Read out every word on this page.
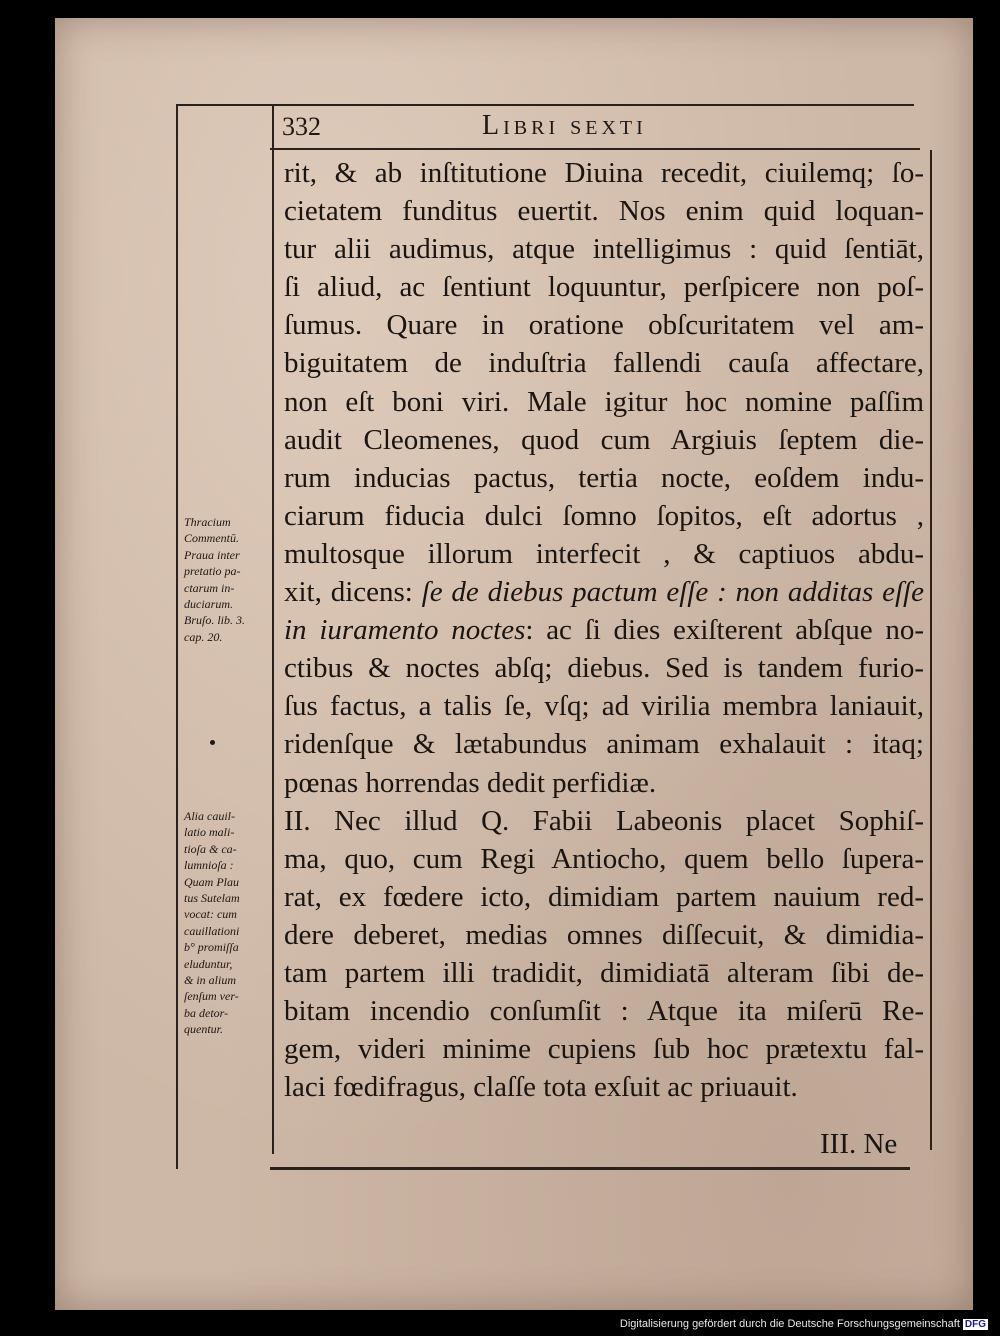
332	Libri sexti
rit, & ab inſtitutione Diuina recedit, ciuilemq; ſo-
cietatem funditus euertit. Nos enim quid loquan-
tur alii audimus, atque intelligimus : quid ſentiāt,
ſi aliud, ac ſentiunt loquuntur, perſpicere non poſ-
ſumus. Quare in oratione obſcuritatem vel am-
biguitatem de induſtria fallendi cauſa affectare,
non eſt boni viri. Male igitur hoc nomine paſſim
audit Cleomenes, quod cum Argiuis ſeptem die-
rum inducias pactus, tertia nocte, eoſdem indu-
ciarum fiducia dulci ſomno ſopitos, eſt adortus ,
multosque illorum interfecit , & captiuos abdu-
xit, dicens: ſe de diebus pactum eſſe : non additas eſſe
in iuramento noctes: ac ſi dies exiſterent abſque no-
ctibus & noctes abſq; diebus. Sed is tandem furio-
ſus factus, a talis ſe, vſq; ad virilia membra laniauit,
ridenſque & lætabundus animam exhalauit : itaq;
pœnas horrendas dedit perfidiæ.
II. Nec illud Q. Fabii Labeonis placet Sophiſ-
ma, quo, cum Regi Antiocho, quem bello ſupera-
rat, ex fœdere icto, dimidiam partem nauium red-
dere deberet, medias omnes diſſecuit, & dimidia-
tam partem illi tradidit, dimidiatā alteram ſibi de-
bitam incendio conſumſit : Atque ita miſerū Re-
gem, videri minime cupiens ſub hoc prætextu fal-
laci fœdifragus, claſſe tota exſuit ac priuauit.
Thracium
Commentū.
Praua inter
pretatio pa-
ctarum in-
duciarum.
Bruſo. lib. 3.
cap. 20.
Alia cauil-
latio mali-
tioſa & ca-
lumnioſa :
Quam Plau
tus Sutelam
vocat: cum
cauillationi
b° promiſſa
eluduntur,
& in alium
ſenſum ver-
ba detor-
quentur.
III. Ne
Digitalisierung gefördert durch die Deutsche Forschungsgemeinschaft DFG
